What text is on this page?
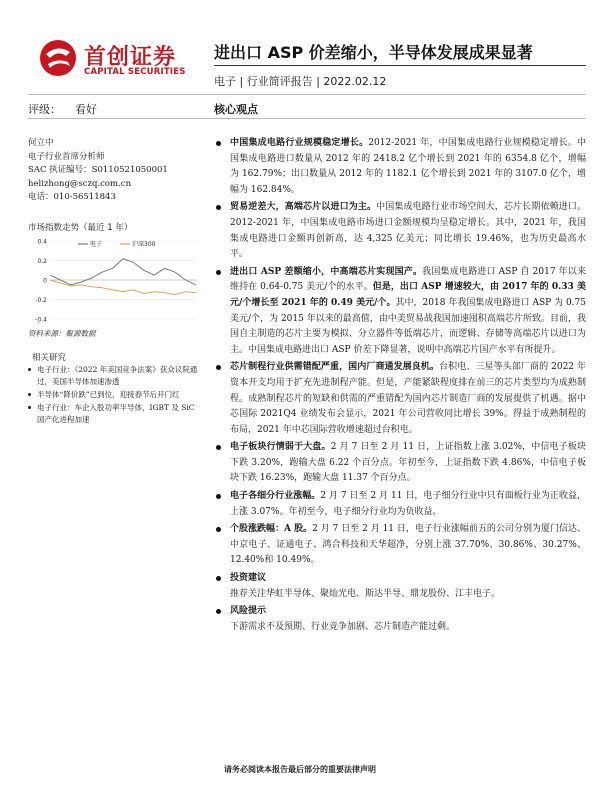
首创证券
CAPITAL SECURITIES
进出口 ASP 价差缩小，半导体发展成果显著
电子 | 行业简评报告 | 2022.02.12
评级： 看好	核心观点
何立中
电子行业首席分析师
SAC 执证编号：S0110521050001
helizhong@sczq.com.cn
电话：010-56511843
市场指数走势（最近 1 年）
0.4
0.2
0
-0.2
-0.4
电子	沪深300
资料来源：聚源数据
相关研究
电子行业：《2022 年美国竞争法案》获众议院通过，美国半导体加速渗透
半导体“降价跌”已到位，迎接春节后开门红
电子行业：车企入股功率半导体，IGBT 及 SiC 国产化进程加速
中国集成电路行业规模稳定增长。2012-2021 年，中国集成电路行业规模稳定增长。中国集成电路进口数量从 2012 年的 2418.2 亿个增长到 2021 年的 6354.8 亿个，增幅为 162.79%；出口数量从 2012 年的 1182.1 亿个增长到 2021 年的 3107.0 亿个，增幅为 162.84%。
贸易逆差大，高端芯片以进口为主。中国集成电路行业市场空间大，芯片长期依赖进口。2012-2021 年，中国集成电路市场进口金额规模均呈稳定增长。其中，2021 年，我国集成电路进口金额再创新高，达 4,325 亿美元；同比增长 19.46%，也为历史最高水平。
进出口 ASP 差额缩小，中高端芯片实现国产。我国集成电路进口 ASP 自 2017 年以来维持在 0.64-0.75 美元/个的水平。但是，出口 ASP 增速较大，由 2017 年的 0.33 美元/个增长至 2021 年的 0.49 美元/个。其中，2018 年我国集成电路进口 ASP 为 0.75 美元/个，为 2015 年以来的最高值，由中美贸易战我国加速囤积高端芯片所致。目前，我国自主制造的芯片主要为模拟、分立器件等低端芯片，而逻辑、存储等高端芯片以进口为主。中国集成电路进出口 ASP 价差下降显著，说明中高端芯片国产水平有所提升。
芯片制程行业供需错配严重，国内厂商通发展良机。台积电、三星等头部厂商的 2022 年资本开支均用于扩充先进制程产能。但是，产能紧缺程度排在前三的芯片类型均为成熟制程。成熟制程芯片的短缺和供需的严重错配为国内芯片制造厂商的发展提供了机遇。据中芯国际 2021Q4 业绩发布会显示，2021 年公司营收同比增长 39%。得益于成熟制程的布局，2021 年中芯国际营收增速超过台积电。
电子板块行情弱于大盘。2 月 7 日至 2 月 11 日，上证指数上涨 3.02%，中信电子板块下跌 3.20%，跑输大盘 6.22 个百分点。年初至今，上证指数下跌 4.86%，中信电子板块下跌 16.23%，跑输大盘 11.37 个百分点。
电子各细分行业涨幅。2 月 7 日至 2 月 11 日，电子细分行业中只有面板行业为正收益，上涨 3.07%。年初至今，电子细分行业均为负收益。
个股涨跌幅：A 股。2 月 7 日至 2 月 11 日，电子行业涨幅前五的公司分别为厦门信达、中京电子、证通电子、鸿合科技和天华超净，分别上涨 37.70%、30.86%、30.27%、12.40%和 10.49%。
投资建议
推荐关注华虹半导体、聚灿光电、斯达半导、鼎龙股份、江丰电子。
风险提示
下游需求不及预期、行业竞争加剧、芯片制造产能过剩。
请务必阅读本报告最后部分的重要法律声明
